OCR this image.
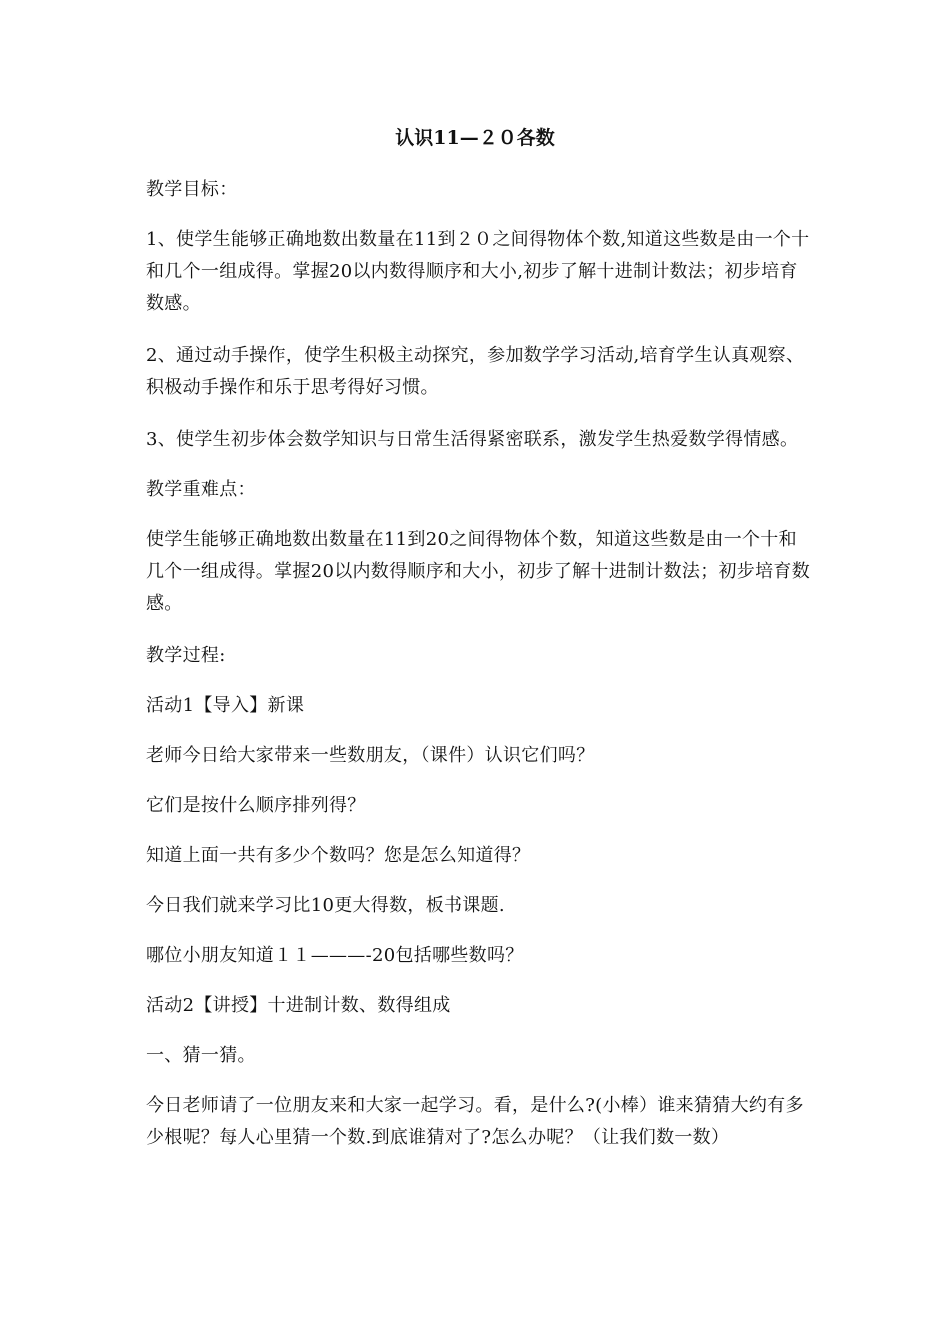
认识11—２０各数

教学目标：

1、使学生能够正确地数出数量在11到２０之间得物体个数,知道这些数是由一个十和几个一组成得。掌握20以内数得顺序和大小,初步了解十进制计数法；初步培育数感。

2、通过动手操作，使学生积极主动探究，参加数学学习活动,培育学生认真观察、积极动手操作和乐于思考得好习惯。

3、使学生初步体会数学知识与日常生活得紧密联系，激发学生热爱数学得情感。

教学重难点：

使学生能够正确地数出数量在11到20之间得物体个数，知道这些数是由一个十和几个一组成得。掌握20以内数得顺序和大小，初步了解十进制计数法；初步培育数感。

教学过程:

活动1【导入】新课

老师今日给大家带来一些数朋友，（课件）认识它们吗？

它们是按什么顺序排列得？

知道上面一共有多少个数吗？您是怎么知道得？

今日我们就来学习比10更大得数，板书课题.

哪位小朋友知道１１———-20包括哪些数吗？

活动2【讲授】十进制计数、数得组成

一、猜一猜。

今日老师请了一位朋友来和大家一起学习。看，是什么?(小棒）谁来猜猜大约有多少根呢？每人心里猜一个数.到底谁猜对了?怎么办呢？（让我们数一数）
